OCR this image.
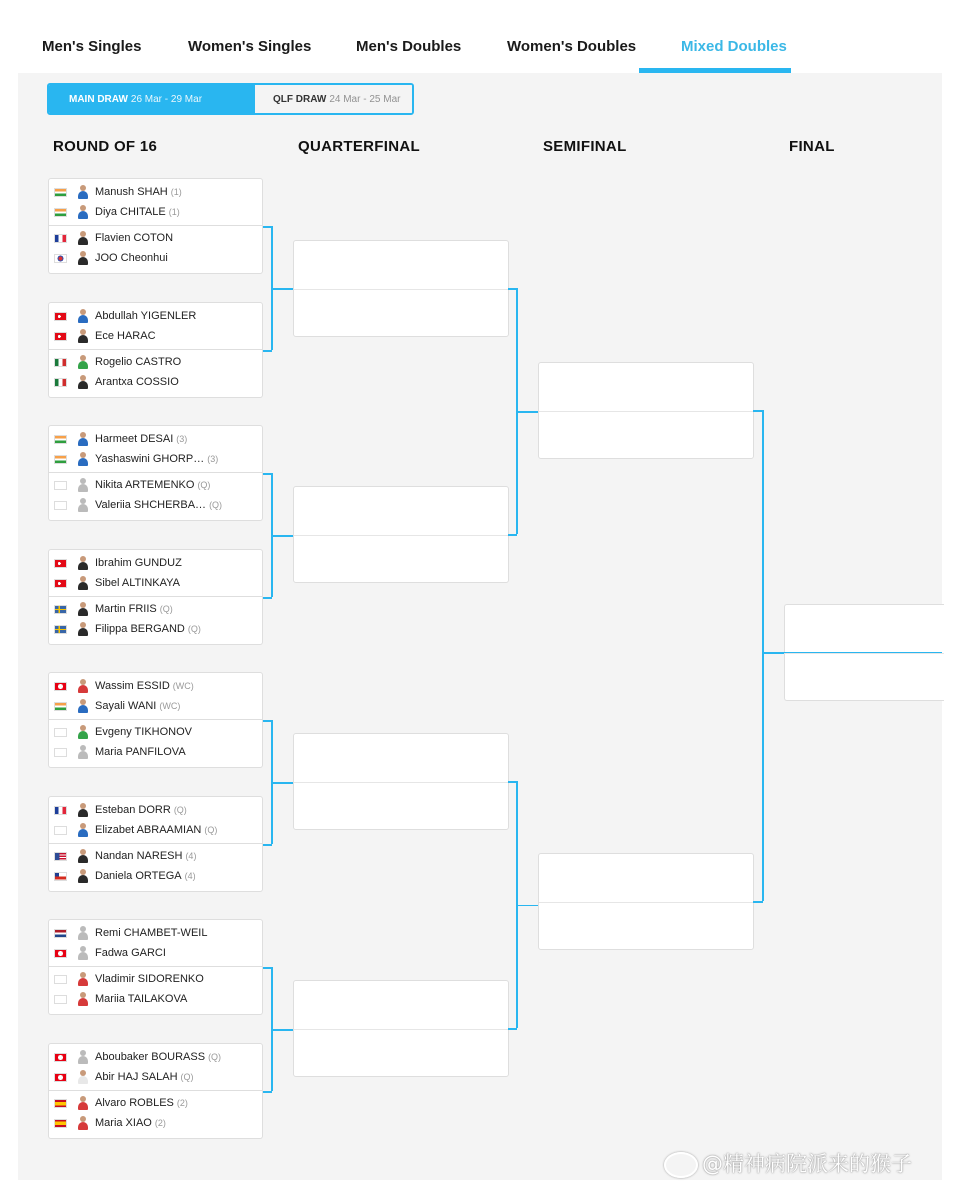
Men's Singles	Women's Singles	Men's Doubles	Women's Doubles	Mixed Doubles
MAIN DRAW 26 Mar - 29 Mar	QLF DRAW 24 Mar - 25 Mar
ROUND OF 16	QUARTERFINAL	SEMIFINAL	FINAL
Manush SHAH (1)
Diya CHITALE (1)
Flavien COTON
JOO Cheonhui
Abdullah YIGENLER
Ece HARAC
Rogelio CASTRO
Arantxa COSSIO
Harmeet DESAI (3)
Yashaswini GHORP… (3)
Nikita ARTEMENKO (Q)
Valeriia SHCHERBA… (Q)
Ibrahim GUNDUZ
Sibel ALTINKAYA
Martin FRIIS (Q)
Filippa BERGAND (Q)
Wassim ESSID (WC)
Sayali WANI (WC)
Evgeny TIKHONOV
Maria PANFILOVA
Esteban DORR (Q)
Elizabet ABRAAMIAN (Q)
Nandan NARESH (4)
Daniela ORTEGA (4)
Remi CHAMBET-WEIL
Fadwa GARCI
Vladimir SIDORENKO
Mariia TAILAKOVA
Aboubaker BOURASS (Q)
Abir HAJ SALAH (Q)
Alvaro ROBLES (2)
Maria XIAO (2)
@精神病院派来的猴子
